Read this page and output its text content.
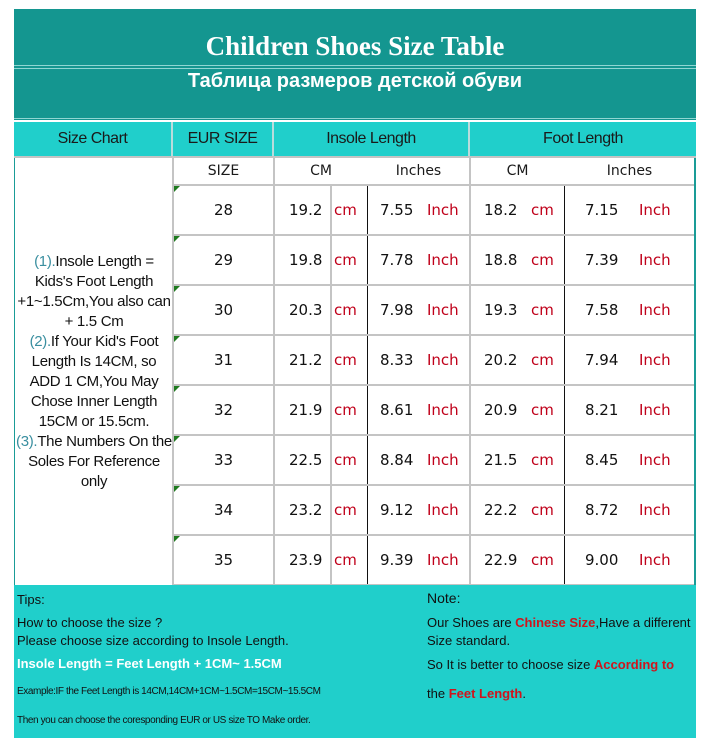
Children Shoes Size Table
Таблица размеров детской обуви
Size Chart	EUR SIZE	Insole Length	Foot Length
(1).Insole Length = Kids's Foot Length +1~1.5Cm,You also can + 1.5 Cm
(2).If Your Kid's Foot Length Is 14CM, so ADD 1 CM,You May Chose Inner Length 15CM or 15.5cm.
(3).The Numbers On the Soles For Reference only
SIZE	CM	Inches	CM	Inches
28	19.2 cm 7.55 Inch 18.2 cm 7.15 Inch
29	19.8 cm 7.78 Inch 18.8 cm 7.39 Inch
30	20.3 cm 7.98 Inch 19.3 cm 7.58 Inch
31	21.2 cm 8.33 Inch 20.2 cm 7.94 Inch
32	21.9 cm 8.61 Inch 20.9 cm 8.21 Inch
33	22.5 cm 8.84 Inch 21.5 cm 8.45 Inch
34	23.2 cm 9.12 Inch 22.2 cm 8.72 Inch
35	23.9 cm 9.39 Inch 22.9 cm 9.00 Inch
Tips:
How to choose the size ?
Please choose size according to Insole Length.
Insole Length = Feet Length + 1CM~ 1.5CM
Example:IF the Feet Length is 14CM,14CM+1CM~1.5CM=15CM~15.5CM
Then you can choose the coresponding EUR or US size TO Make order.
Note:
Our Shoes are Chinese Size,Have a different
Size standard.
So It is better to choose size According to
the Feet Length.
